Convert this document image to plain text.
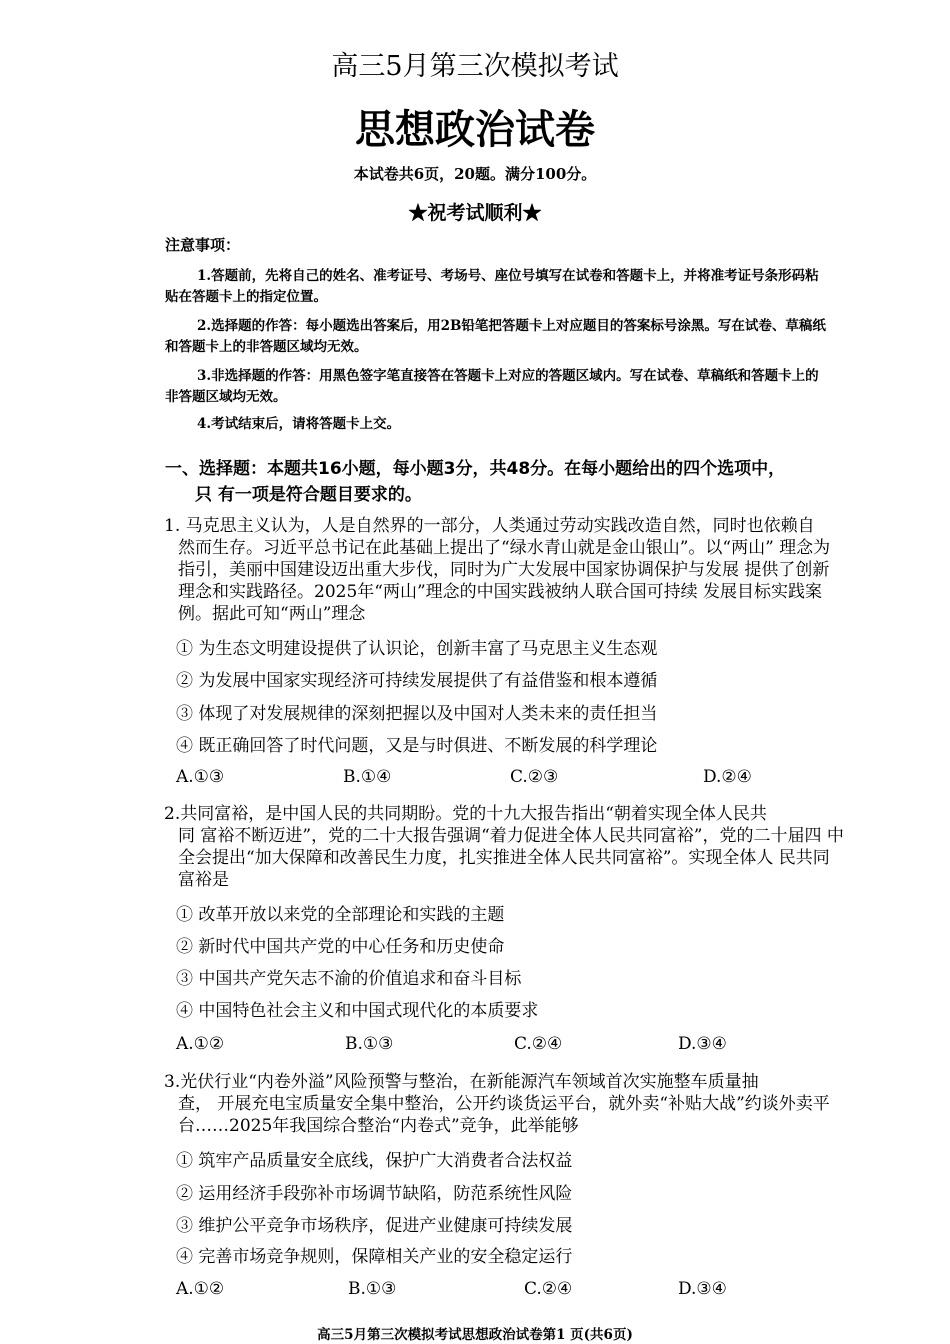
高三5月第三次模拟考试
思想政治试卷
本试卷共6页，20题。满分100分。
★祝考试顺利★
注意事项：
1.答题前，先将自己的姓名、准考证号、考场号、座位号填写在试卷和答题卡上，并将准考证号条形码粘贴在答题卡上的指定位置。
2.选择题的作答：每小题选出答案后，用2B铅笔把答题卡上对应题目的答案标号涂黑。写在试卷、草稿纸和答题卡上的非答题区域均无效。
3.非选择题的作答：用黑色签字笔直接答在答题卡上对应的答题区域内。写在试卷、草稿纸和答题卡上的非答题区域均无效。
4.考试结束后，请将答题卡上交。
一、选择题：本题共16小题，每小题3分，共48分。在每小题给出的四个选项中，
只 有一项是符合题目要求的。
1. 马克思主义认为，人是自然界的一部分，人类通过劳动实践改造自然，同时也依赖自
然而生存。习近平总书记在此基础上提出了“绿水青山就是金山银山”。以“两山” 理念为指引，美丽中国建设迈出重大步伐，同时为广大发展中国家协调保护与发展 提供了创新理念和实践路径。2025年“两山”理念的中国实践被纳人联合国可持续 发展目标实践案例。据此可知“两山”理念
① 为生态文明建设提供了认识论，创新丰富了马克思主义生态观
② 为发展中国家实现经济可持续发展提供了有益借鉴和根本遵循
③ 体现了对发展规律的深刻把握以及中国对人类未来的责任担当
④ 既正确回答了时代问题，又是与时俱进、不断发展的科学理论
A.①③	B.①④	C.②③	D.②④
2.共同富裕，是中国人民的共同期盼。党的十九大报告指出“朝着实现全体人民共
同 富裕不断迈进”，党的二十大报告强调“着力促进全体人民共同富裕”，党的二十届四 中全会提出“加大保障和改善民生力度，扎实推进全体人民共同富裕”。实现全体人 民共同富裕是
① 改革开放以来党的全部理论和实践的主题
② 新时代中国共产党的中心任务和历史使命
③ 中国共产党矢志不渝的价值追求和奋斗目标
④ 中国特色社会主义和中国式现代化的本质要求
A.①②	B.①③	C.②④	D.③④
3.光伏行业“内卷外溢”风险预警与整治，在新能源汽车领域首次实施整车质量抽
查， 开展充电宝质量安全集中整治，公开约谈货运平台，就外卖“补贴大战”约谈外卖平 台……2025年我国综合整治“内卷式”竞争，此举能够
① 筑牢产品质量安全底线，保护广大消费者合法权益
② 运用经济手段弥补市场调节缺陷，防范系统性风险
③ 维护公平竞争市场秩序，促进产业健康可持续发展
④ 完善市场竞争规则，保障相关产业的安全稳定运行
A.①②	B.①③	C.②④	D.③④
高三5月第三次模拟考试思想政治试卷第1 页(共6页)
